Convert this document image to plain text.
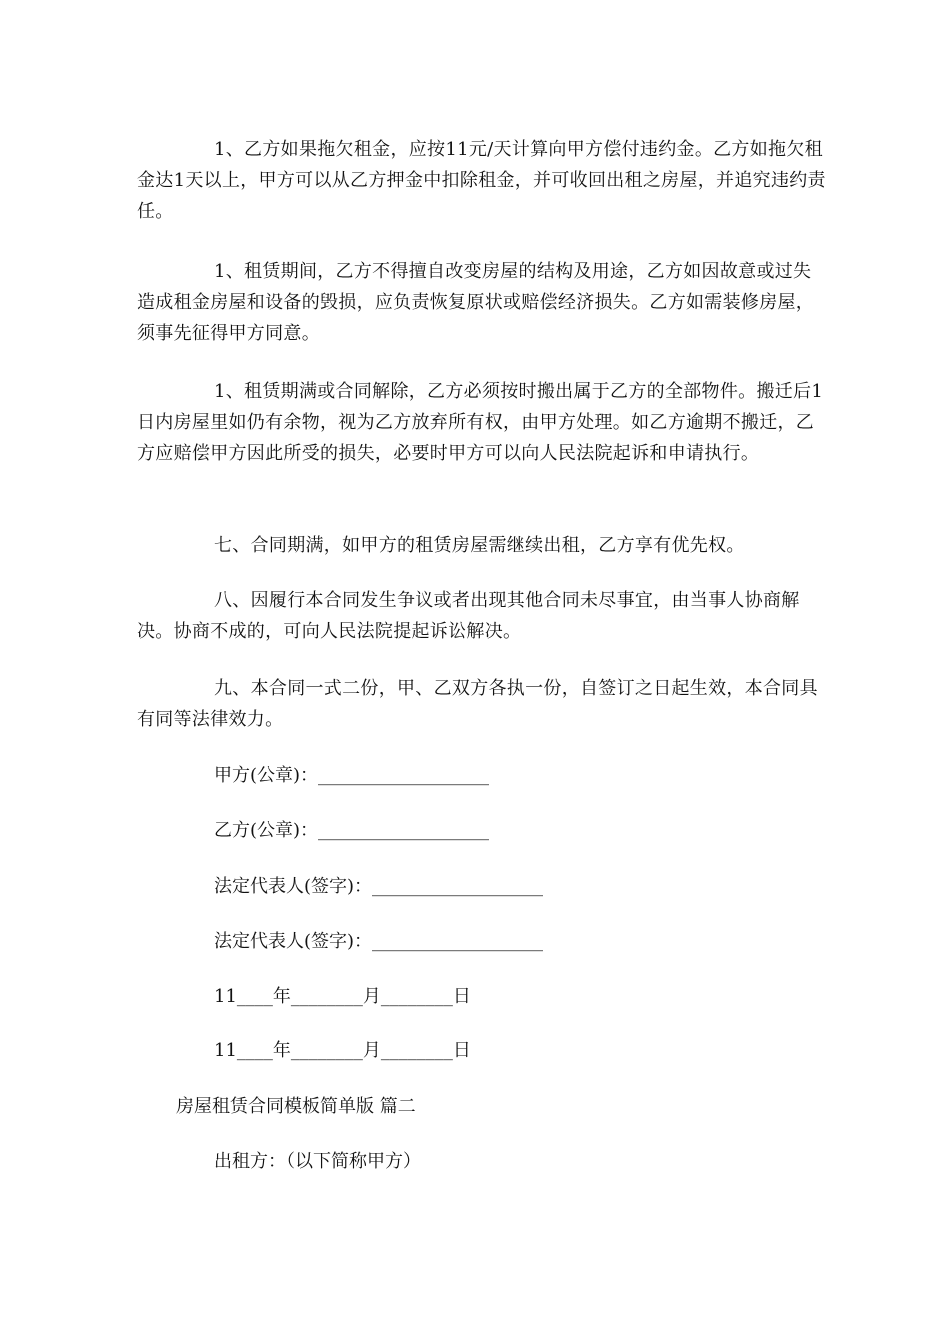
1、乙方如果拖欠租金，应按11元/天计算向甲方偿付违约金。乙方如拖欠租金达1天以上，甲方可以从乙方押金中扣除租金，并可收回出租之房屋，并追究违约责任。

1、租赁期间，乙方不得擅自改变房屋的结构及用途，乙方如因故意或过失造成租金房屋和设备的毁损，应负责恢复原状或赔偿经济损失。乙方如需装修房屋，须事先征得甲方同意。

1、租赁期满或合同解除，乙方必须按时搬出属于乙方的全部物件。搬迁后1日内房屋里如仍有余物，视为乙方放弃所有权，由甲方处理。如乙方逾期不搬迁，乙方应赔偿甲方因此所受的损失，必要时甲方可以向人民法院起诉和申请执行。

七、合同期满，如甲方的租赁房屋需继续出租，乙方享有优先权。

八、因履行本合同发生争议或者出现其他合同未尽事宜，由当事人协商解决。协商不成的，可向人民法院提起诉讼解决。

九、本合同一式二份，甲、乙双方各执一份，自签订之日起生效，本合同具有同等法律效力。

甲方(公章)：___________________

乙方(公章)：___________________

法定代表人(签字)：___________________

法定代表人(签字)：___________________

11____年________月________日

11____年________月________日

房屋租赁合同模板简单版 篇二

出租方：（以下简称甲方）
